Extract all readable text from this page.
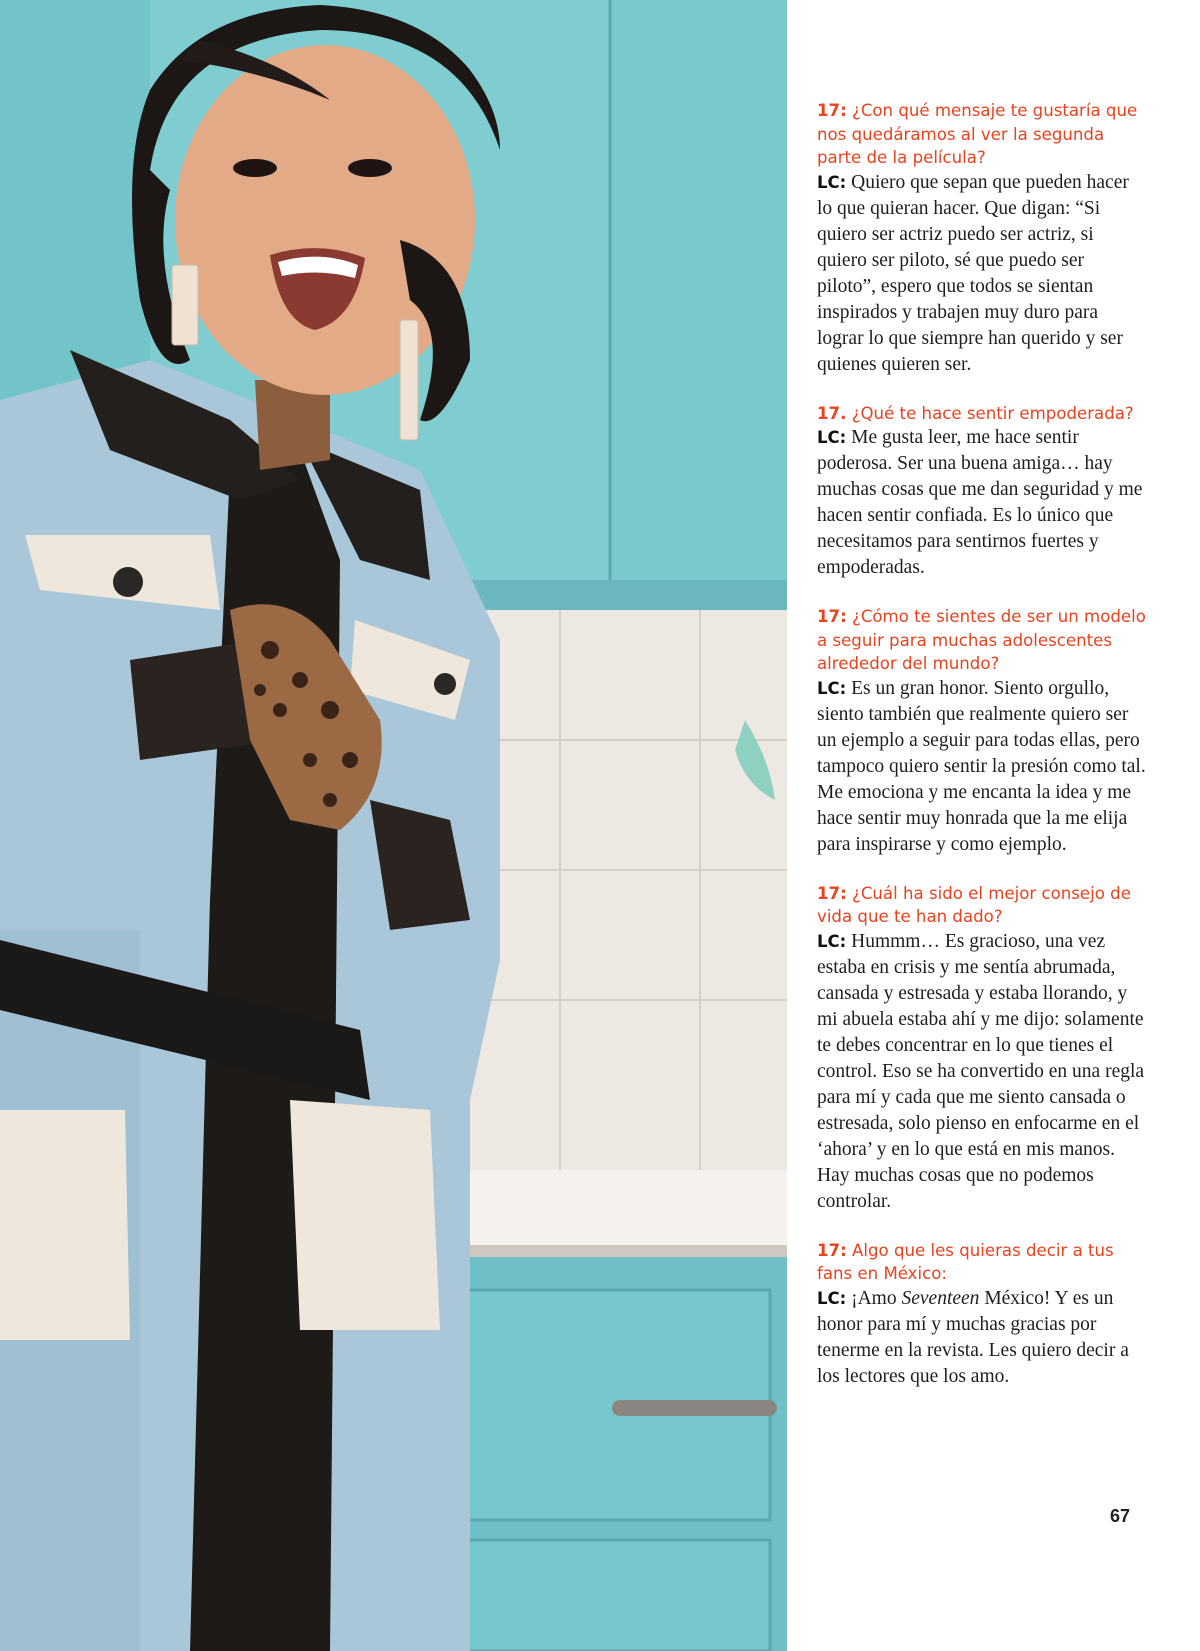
17: ¿Con qué mensaje te gustaría que nos quedáramos al ver la segunda parte de la película?

LC: Quiero que sepan que pueden hacer lo que quieran hacer. Que digan: “Si quiero ser actriz puedo ser actriz, si quiero ser piloto, sé que puedo ser piloto”, espero que todos se sientan inspirados y trabajen muy duro para lograr lo que siempre han querido y ser quienes quieren ser.

17. ¿Qué te hace sentir empoderada?

LC: Me gusta leer, me hace sentir poderosa. Ser una buena amiga… hay muchas cosas que me dan seguridad y me hacen sentir confiada. Es lo único que necesitamos para sentirnos fuertes y empoderadas.

17: ¿Cómo te sientes de ser un modelo a seguir para muchas adolescentes alrededor del mundo?

LC: Es un gran honor. Siento orgullo, siento también que realmente quiero ser un ejemplo a seguir para todas ellas, pero tampoco quiero sentir la presión como tal. Me emociona y me encanta la idea y me hace sentir muy honrada que la me elija para inspirarse y como ejemplo.

17: ¿Cuál ha sido el mejor consejo de vida que te han dado?

LC: Hummm… Es gracioso, una vez estaba en crisis y me sentía abrumada, cansada y estresada y estaba llorando, y mi abuela estaba ahí y me dijo: solamente te debes concentrar en lo que tienes el control. Eso se ha convertido en una regla para mí y cada que me siento cansada o estresada, solo pienso en enfocarme en el ‘ahora’ y en lo que está en mis manos. Hay muchas cosas que no podemos controlar.

17: Algo que les quieras decir a tus fans en México:

LC: ¡Amo Seventeen México! Y es un honor para mí y muchas gracias por tenerme en la revista. Les quiero decir a los lectores que los amo.

67
